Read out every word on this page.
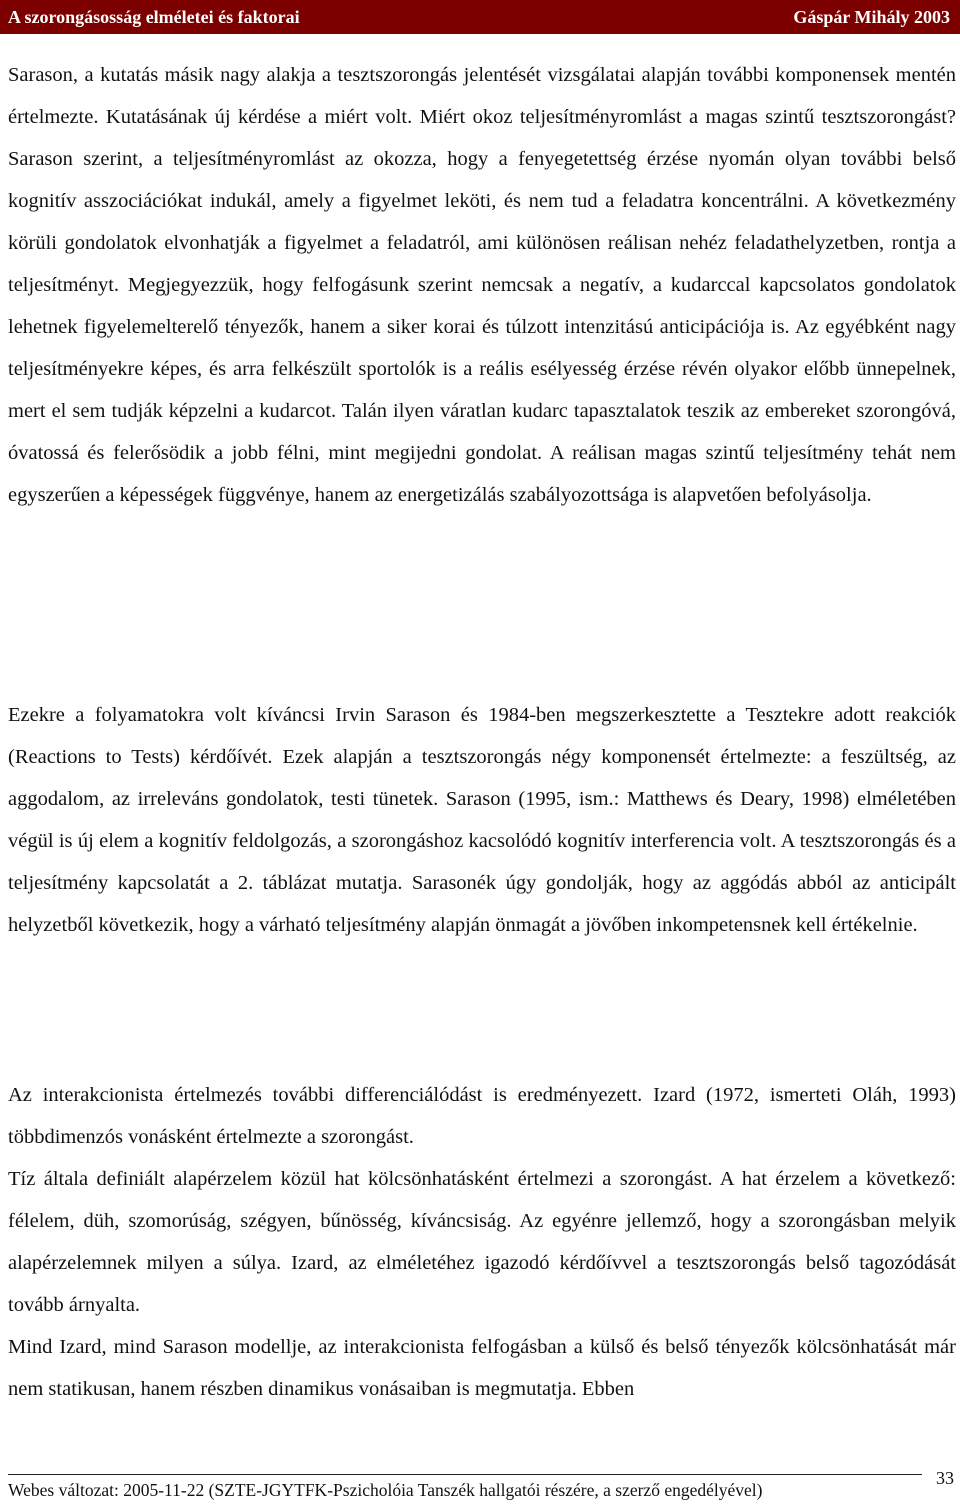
A szorongásosság elméletei és faktorai	Gáspár Mihály 2003

Sarason, a kutatás másik nagy alakja a tesztszorongás jelentését vizsgálatai alapján további komponensek mentén értelmezte. Kutatásának új kérdése a miért volt. Miért okoz teljesítményromlást a magas szintű tesztszorongást? Sarason szerint, a teljesítményromlást az okozza, hogy a fenyegetettség érzése nyomán olyan további belső kognitív asszociációkat indukál, amely a figyelmet leköti, és nem tud a feladatra koncentrálni. A következmény körüli gondolatok elvonhatják a figyelmet a feladatról, ami különösen reálisan nehéz feladathelyzetben, rontja a teljesítményt. Megjegyezzük, hogy felfogásunk szerint nemcsak a negatív, a kudarccal kapcsolatos gondolatok lehetnek figyelemelterelő tényezők, hanem a siker korai és túlzott intenzitású anticipációja is. Az egyébként nagy teljesítményekre képes, és arra felkészült sportolók is a reális esélyesség érzése révén olyakor előbb ünnepelnek, mert el sem tudják képzelni a kudarcot. Talán ilyen váratlan kudarc tapasztalatok teszik az embereket szorongóvá, óvatossá és felerősödik a jobb félni, mint megijedni gondolat. A reálisan magas szintű teljesítmény tehát nem egyszerűen a képességek függvénye, hanem az energetizálás szabályozottsága is alapvetően befolyásolja.

Ezekre a folyamatokra volt kíváncsi Irvin Sarason és 1984-ben megszerkesztette a Tesztekre adott reakciók (Reactions to Tests) kérdőívét. Ezek alapján a tesztszorongás négy komponensét értelmezte: a feszültség, az aggodalom, az irreleváns gondolatok, testi tünetek. Sarason (1995, ism.: Matthews és Deary, 1998) elméletében végül is új elem a kognitív feldolgozás, a szorongáshoz kacsolódó kognitív interferencia volt. A tesztszorongás és a teljesítmény kapcsolatát a 2. táblázat mutatja. Sarasonék úgy gondolják, hogy az aggódás abból az anticipált helyzetből következik, hogy a várható teljesítmény alapján önmagát a jövőben inkompetensnek kell értékelnie.

Az interakcionista értelmezés további differenciálódást is eredményezett. Izard (1972, ismerteti Oláh, 1993) többdimenzós vonásként értelmezte a szorongást.

Tíz általa definiált alapérzelem közül hat kölcsönhatásként értelmezi a szorongást. A hat érzelem a következő: félelem, düh, szomorúság, szégyen, bűnösség, kíváncsiság. Az egyénre jellemző, hogy a szorongásban melyik alapérzelemnek milyen a súlya. Izard, az elméletéhez igazodó kérdőívvel a tesztszorongás belső tagozódását tovább árnyalta.

Mind Izard, mind Sarason modellje, az interakcionista felfogásban a külső és belső tényezők kölcsönhatását már nem statikusan, hanem részben dinamikus vonásaiban is megmutatja. Ebben

Webes változat: 2005-11-22 (SZTE-JGYTFK-Pszicholóia Tanszék hallgatói részére, a szerző engedélyével)
33
